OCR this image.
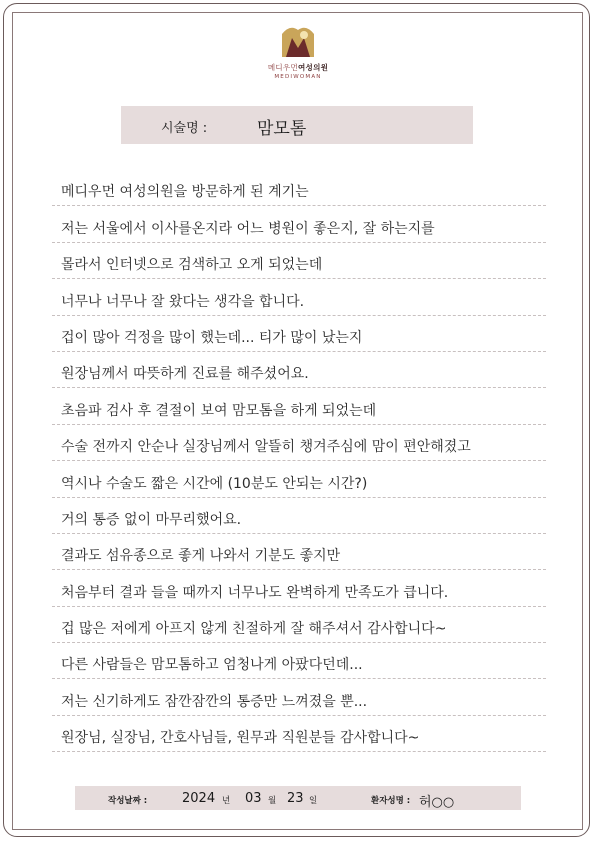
메디우먼여성의원
MEDIWOMAN
시술명 :	맘모톰
메디우먼 여성의원을 방문하게 된 계기는
저는 서울에서 이사를온지라 어느 병원이 좋은지, 잘 하는지를
몰라서 인터넷으로 검색하고 오게 되었는데
너무나 너무나 잘 왔다는 생각을 합니다.
겁이 많아 걱정을 많이 했는데... 티가 많이 났는지
원장님께서 따뜻하게 진료를 해주셨어요.
초음파 검사 후 결절이 보여 맘모톰을 하게 되었는데
수술 전까지 안순나 실장님께서 알뜰히 챙겨주심에 맘이 편안해졌고
역시나 수술도 짧은 시간에 (10분도 안되는 시간?)
거의 통증 없이 마무리했어요.
결과도 섬유종으로 좋게 나와서 기분도 좋지만
처음부터 결과 들을 때까지 너무나도 완벽하게 만족도가 큽니다.
겁 많은 저에게 아프지 않게 친절하게 잘 해주셔서 감사합니다~
다른 사람들은 맘모톰하고 엄청나게 아팠다던데...
저는 신기하게도 잠깐잠깐의 통증만 느껴졌을 뿐...
원장님, 실장님, 간호사님들, 원무과 직원분들 감사합니다~
작성날짜 :	2024 년 03 월 23 일	환자성명 : 허○○
